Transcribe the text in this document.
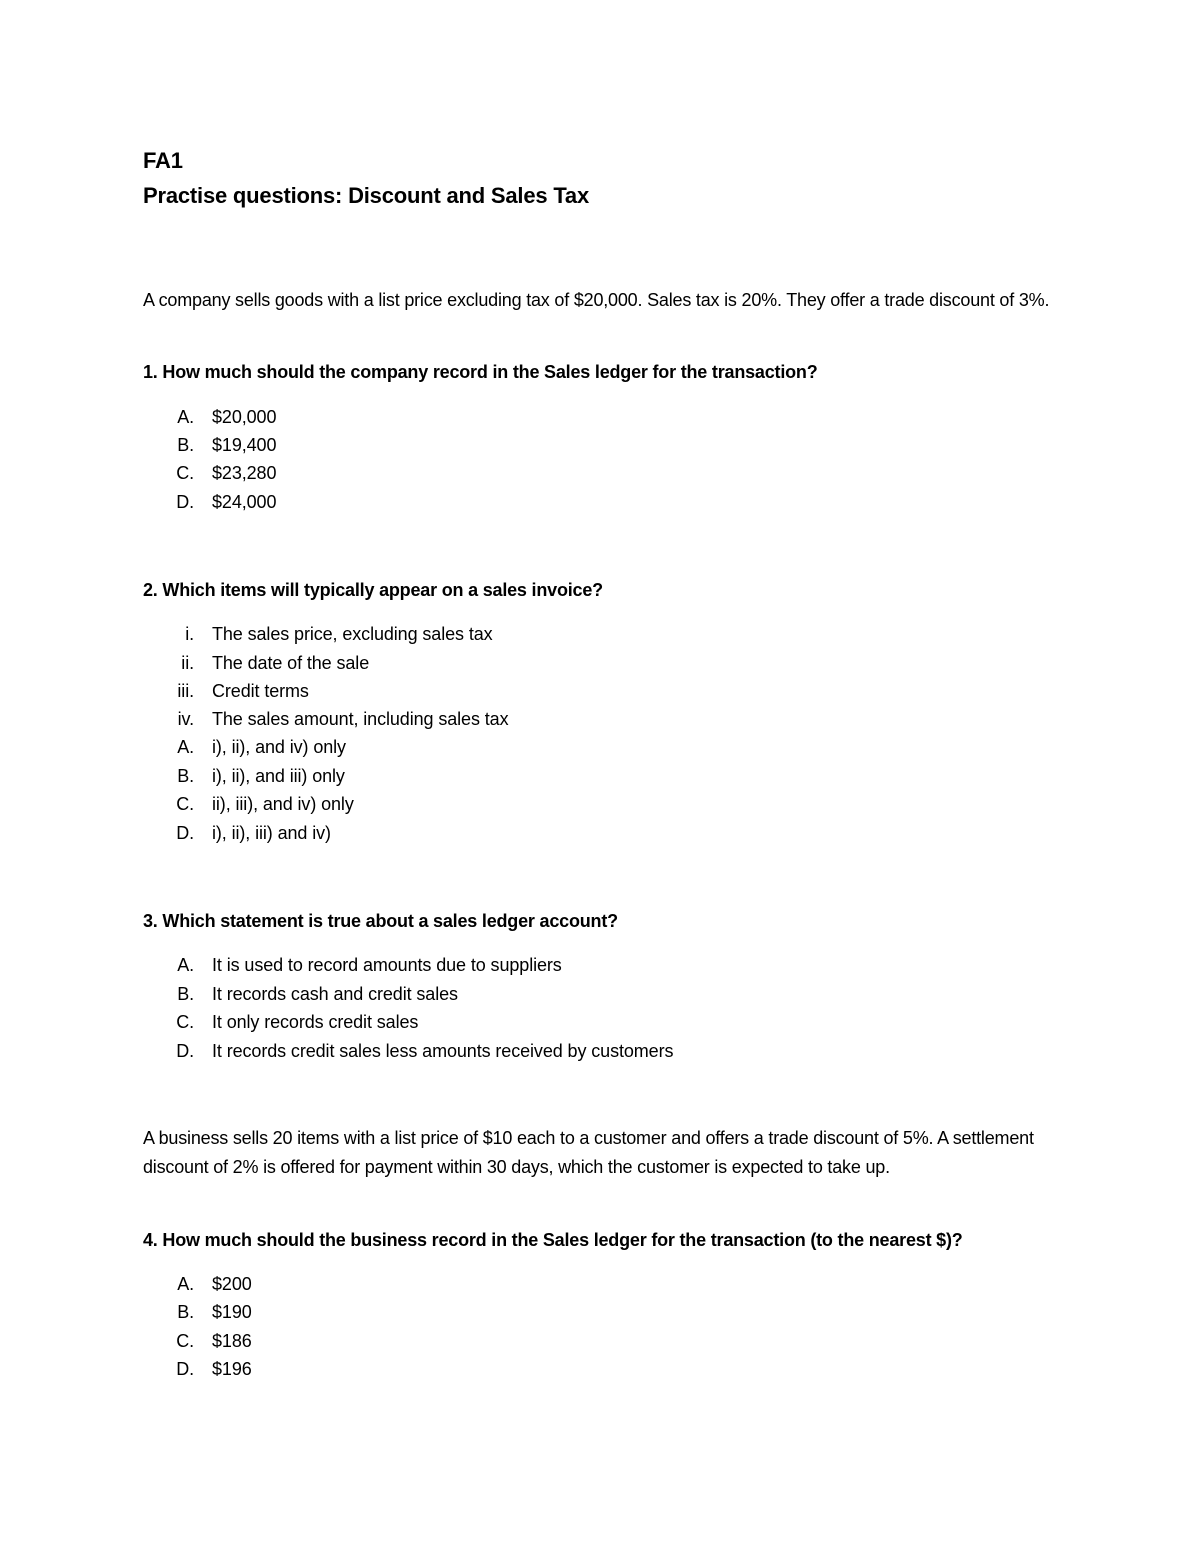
FA1
Practise questions: Discount and Sales Tax
A company sells goods with a list price excluding tax of $20,000. Sales tax is 20%. They offer a trade discount of 3%.
1. How much should the company record in the Sales ledger for the transaction?
A. $20,000
B. $19,400
C. $23,280
D. $24,000
2. Which items will typically appear on a sales invoice?
i. The sales price, excluding sales tax
ii. The date of the sale
iii. Credit terms
iv. The sales amount, including sales tax
A. i), ii), and iv) only
B. i), ii), and iii) only
C. ii), iii), and iv) only
D. i), ii), iii) and iv)
3. Which statement is true about a sales ledger account?
A. It is used to record amounts due to suppliers
B. It records cash and credit sales
C. It only records credit sales
D. It records credit sales less amounts received by customers
A business sells 20 items with a list price of $10 each to a customer and offers a trade discount of 5%. A settlement discount of 2% is offered for payment within 30 days, which the customer is expected to take up.
4. How much should the business record in the Sales ledger for the transaction (to the nearest $)?
A. $200
B. $190
C. $186
D. $196
